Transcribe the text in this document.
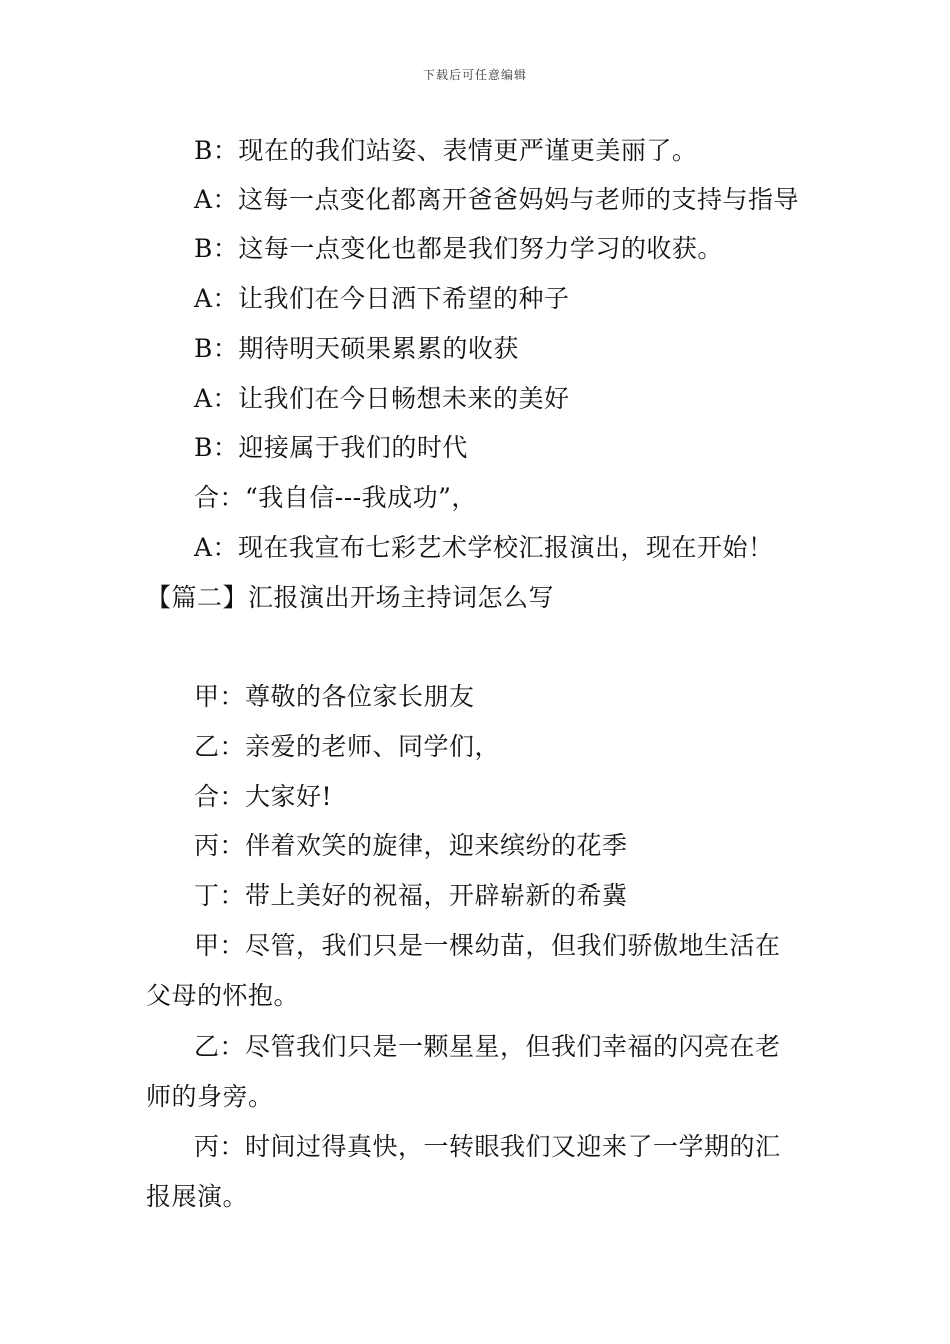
下载后可任意编辑
B：现在的我们站姿、表情更严谨更美丽了。
A：这每一点变化都离开爸爸妈妈与老师的支持与指导
B：这每一点变化也都是我们努力学习的收获。
A：让我们在今日洒下希望的种子
B：期待明天硕果累累的收获
A：让我们在今日畅想未来的美好
B：迎接属于我们的时代
合：“我自信---我成功”，
A：现在我宣布七彩艺术学校汇报演出，现在开始！
【篇二】汇报演出开场主持词怎么写
甲：尊敬的各位家长朋友
乙：亲爱的老师、同学们，
合：大家好!
丙：伴着欢笑的旋律，迎来缤纷的花季
丁：带上美好的祝福，开辟崭新的希冀
甲：尽管，我们只是一棵幼苗，但我们骄傲地生活在
父母的怀抱。
乙：尽管我们只是一颗星星，但我们幸福的闪亮在老
师的身旁。
丙：时间过得真快，一转眼我们又迎来了一学期的汇
报展演。
